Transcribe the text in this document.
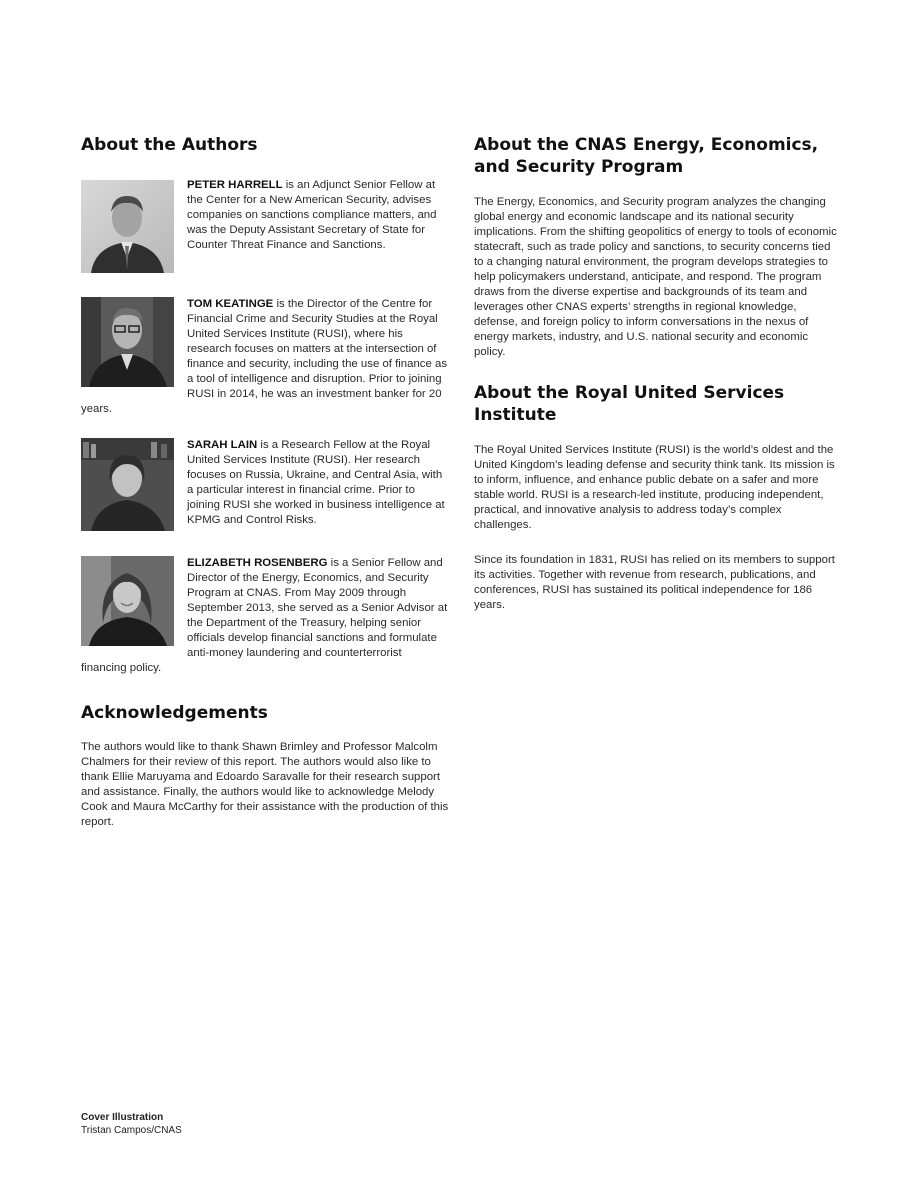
About the Authors
PETER HARRELL is an Adjunct Senior Fellow at the Center for a New American Security, advises companies on sanctions compliance matters, and was the Deputy Assistant Secretary of State for Counter Threat Finance and Sanctions.
TOM KEATINGE is the Director of the Centre for Financial Crime and Security Studies at the Royal United Services Institute (RUSI), where his research focuses on matters at the intersection of finance and security, including the use of finance as a tool of intelligence and disruption. Prior to joining RUSI in 2014, he was an investment banker for 20 years.
SARAH LAIN is a Research Fellow at the Royal United Services Institute (RUSI). Her research focuses on Russia, Ukraine, and Central Asia, with a particular interest in financial crime. Prior to joining RUSI she worked in business intelligence at KPMG and Control Risks.
ELIZABETH ROSENBERG is a Senior Fellow and Director of the Energy, Economics, and Security Program at CNAS. From May 2009 through September 2013, she served as a Senior Advisor at the Department of the Treasury, helping senior officials develop financial sanctions and formulate anti-money laundering and counterterrorist financing policy.
Acknowledgements

The authors would like to thank Shawn Brimley and Professor Malcolm Chalmers for their review of this report. The authors would also like to thank Ellie Maruyama and Edoardo Saravalle for their research support and assistance. Finally, the authors would like to acknowledge Melody Cook and Maura McCarthy for their assistance with the production of this report.

About the CNAS Energy, Economics, and Security Program

The Energy, Economics, and Security program analyzes the changing global energy and economic landscape and its national security implications. From the shifting geopolitics of energy to tools of economic statecraft, such as trade policy and sanctions, to security concerns tied to a changing natural environment, the program develops strategies to help policymakers understand, anticipate, and respond. The program draws from the diverse expertise and backgrounds of its team and leverages other CNAS experts’ strengths in regional knowledge, defense, and foreign policy to inform conversations in the nexus of energy markets, industry, and U.S. national security and economic policy.

About the Royal United Services Institute

The Royal United Services Institute (RUSI) is the world’s oldest and the United Kingdom’s leading defense and security think tank. Its mission is to inform, influence, and enhance public debate on a safer and more stable world. RUSI is a research-led institute, producing independent, practical, and innovative analysis to address today’s complex challenges.

Since its foundation in 1831, RUSI has relied on its members to support its activities. Together with revenue from research, publications, and conferences, RUSI has sustained its political independence for 186 years.

Cover Illustration
Tristan Campos/CNAS
